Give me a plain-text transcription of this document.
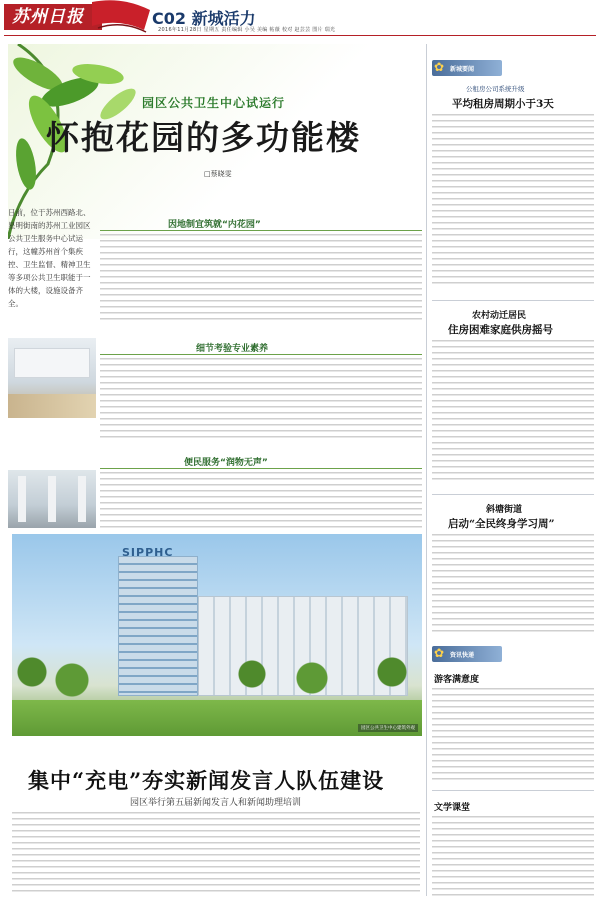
苏州日报	C02 新城活力
2016年11月28日 星期五 责任编辑 小吴 美编 帖薇 校对 赵芸芸 图片 瑞光
园区公共卫生中心试运行
怀抱花园的多功能楼
□蔡晓雯
日前，位于苏州西路北、星明街南的苏州工业园区公共卫生服务中心试运行，这幢苏州首个集疾控、卫生监督、精神卫生等多项公共卫生职能于一体的大楼，设施设备齐全。
因地制宜筑就“内花园”
细节考验专业素养
便民服务“润物无声”
SIPPHC
园区公共卫生中心建筑外观
集中“充电”夯实新闻发言人队伍建设
园区举行第五届新闻发言人和新闻助理培训
✿ 新城要闻
公租房公司系统升级
平均租房周期小于3天
农村动迁居民
住房困难家庭供房摇号
斜塘街道
启动“全民终身学习周”
✿ 资讯快递
游客满意度
文学课堂
